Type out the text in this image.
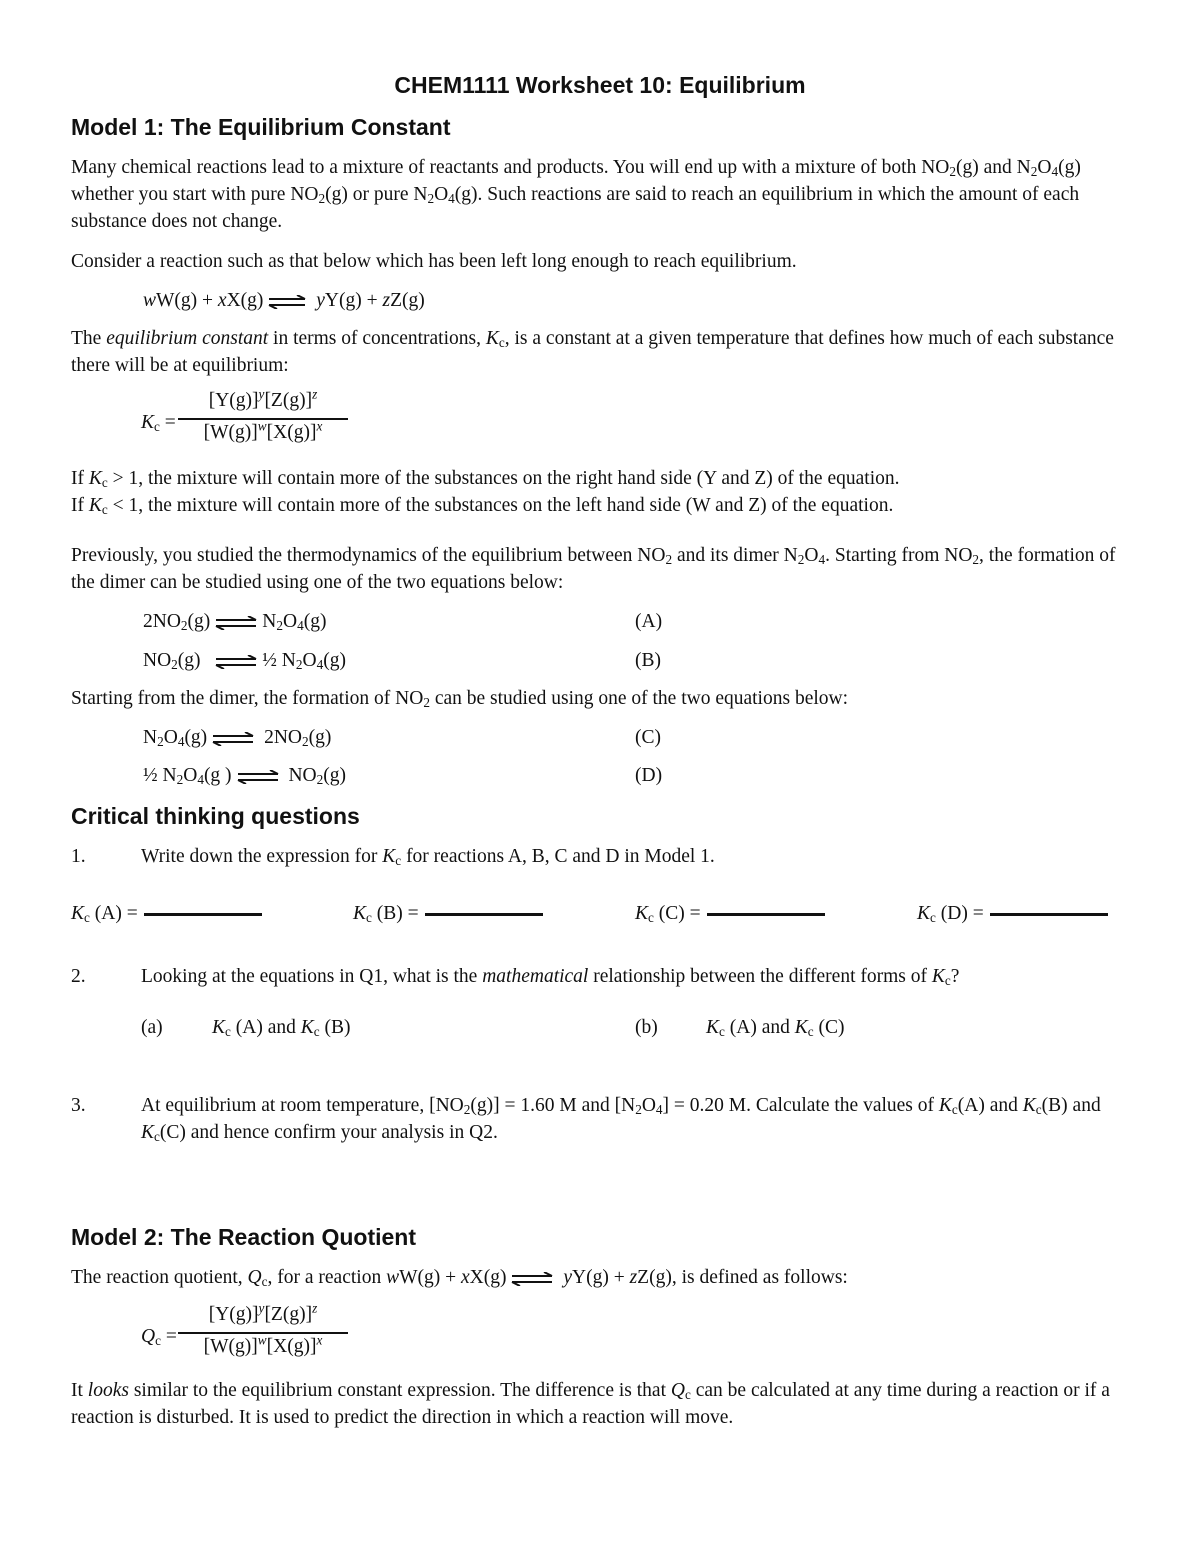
CHEM1111 Worksheet 10: Equilibrium
Model 1: The Equilibrium Constant
Many chemical reactions lead to a mixture of reactants and products. You will end up with a mixture of both $NO_2(g)$ and $N_2O_4(g)$ whether you start with pure $NO_2(g)$ or pure $N_2O_4(g)$. Such reactions are said to reach an equilibrium in which the amount of each substance does not change.
Consider a reaction such as that below which has been left long enough to reach equilibrium.
wW(g) + xX(g) ⇌ yY(g) + zZ(g)
The equilibrium constant in terms of concentrations, $K_c$, is a constant at a given temperature that defines how much of each substance there will be at equilibrium:
$K_c$ =
$[Y(g)]^y[Z(g)]^z$
$[W(g)]^w[X(g)]^x$
If $K_c > 1$, the mixture will contain more of the substances on the right hand side (Y and Z) of the equation.
If $K_c < 1$, the mixture will contain more of the substances on the left hand side (W and Z) of the equation.
Previously, you studied the thermodynamics of the equilibrium between $NO_2$ and its dimer $N_2O_4$. Starting from $NO_2$, the formation of the dimer can be studied using one of the two equations below:
$2NO_2(g)$ ⇌ $N_2O_4(g)$	(A)
$NO_2(g)$ ⇌ ½ $N_2O_4(g)$	(B)
Starting from the dimer, the formation of $NO_2$ can be studied using one of the two equations below:
$N_2O_4(g)$ ⇌ $2NO_2(g)$	(C)
½ $N_2O_4(g$ ) ⇌ $NO_2(g)$	(D)
Critical thinking questions
1.	Write down the expression for $K_c$ for reactions A, B, C and D in Model 1.
$K_c$ (A) =	$K_c$ (B) =	$K_c$ (C) =	$K_c$ (D) =
2.	Looking at the equations in Q1, what is the mathematical relationship between the different forms of $K_c$?
(a)	$K_c$ (A) and $K_c$ (B)	(b) $K_c$ (A) and $K_c$ (C)
3.	At equilibrium at room temperature, $[NO_2(g)] = 1.60$ M and $[N_2O_4] = 0.20$ M. Calculate the values of $K_c(A)$ and $K_c(B)$ and $K_c(C)$ and hence confirm your analysis in Q2.
Model 2: The Reaction Quotient
The reaction quotient, $Q_c$, for a reaction wW(g) + xX(g) ⇌ yY(g) + zZ(g), is defined as follows:
$Q_c$ =
$[Y(g)]^y[Z(g)]^z$
$[W(g)]^w[X(g)]^x$
It looks similar to the equilibrium constant expression. The difference is that $Q_c$ can be calculated at any time during a reaction or if a reaction is disturbed. It is used to predict the direction in which a reaction will move.
